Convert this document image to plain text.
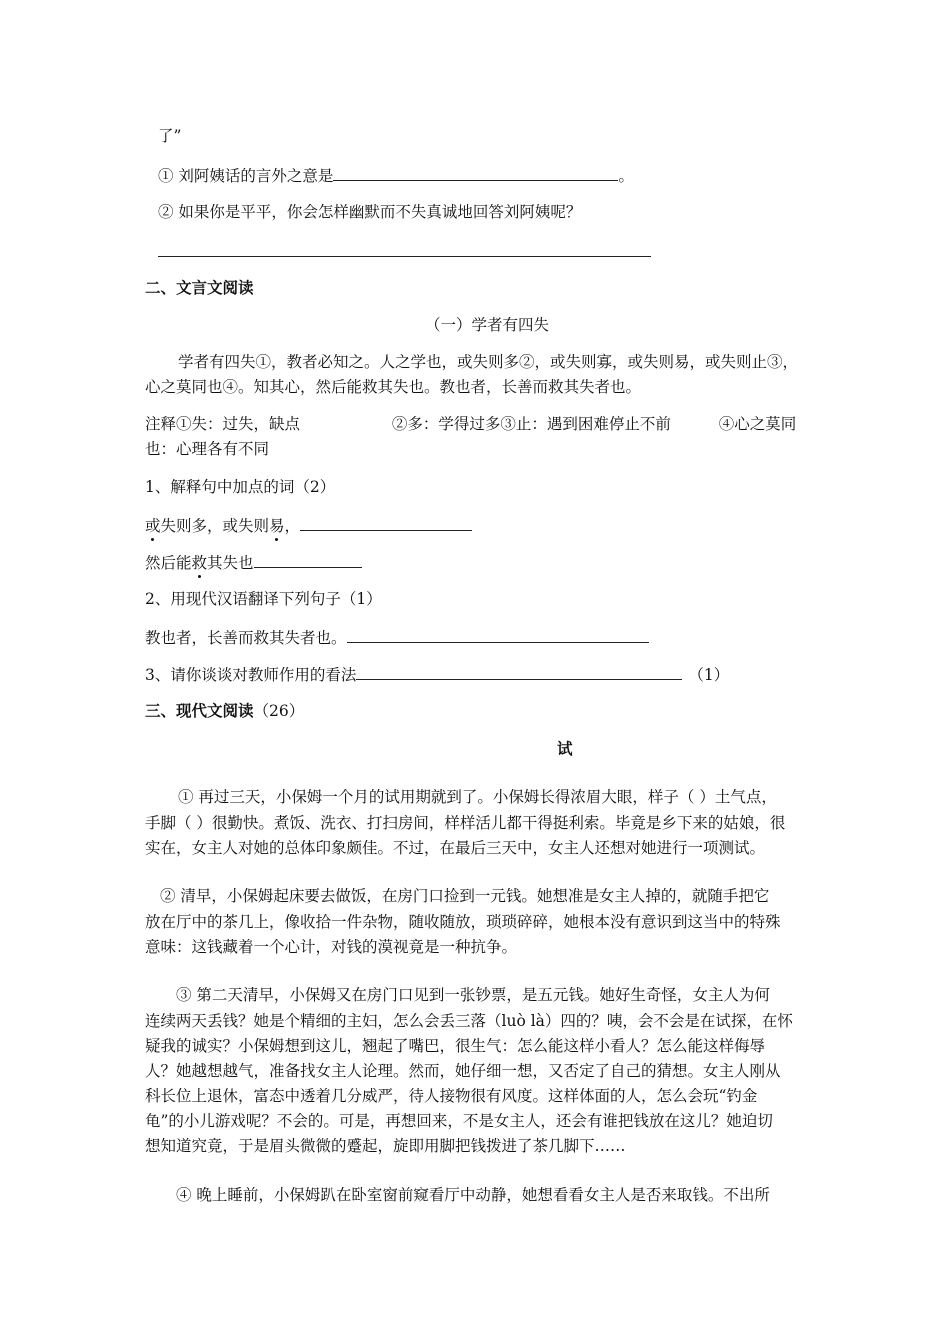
了”
① 刘阿姨话的言外之意是	。
② 如果你是平平，你会怎样幽默而不失真诚地回答刘阿姨呢？
二、文言文阅读
（一）学者有四失
学者有四失①，教者必知之。人之学也，或失则多②，或失则寡，或失则易，或失则止③，
心之莫同也④。知其心，然后能救其失也。教也者，长善而救其失者也。
注释①失：过失，缺点	②多：学得过多③止：遇到困难停止不前	④心之莫同
也：心理各有不同
1、解释句中加点的词（2）
或失则多，或失则易，
然后能救其失也
2、用现代汉语翻译下列句子（1）
教也者，长善而救其失者也。
3、请你谈谈对教师作用的看法	（1）
三、现代文阅读（26）
试
① 再过三天，小保姆一个月的试用期就到了。小保姆长得浓眉大眼，样子（ ）土气点，
手脚（ ）很勤快。煮饭、洗衣、打扫房间，样样活儿都干得挺利索。毕竟是乡下来的姑娘，很
实在，女主人对她的总体印象颇佳。不过，在最后三天中，女主人还想对她进行一项测试。
② 清早，小保姆起床要去做饭，在房门口捡到一元钱。她想准是女主人掉的，就随手把它
放在厅中的茶几上，像收拾一件杂物，随收随放，琐琐碎碎，她根本没有意识到这当中的特殊
意味：这钱藏着一个心计，对钱的漠视竟是一种抗争。
③ 第二天清早，小保姆又在房门口见到一张钞票，是五元钱。她好生奇怪，女主人为何
连续两天丢钱？她是个精细的主妇，怎么会丢三落（luò là）四的？咦，会不会是在试探，在怀
疑我的诚实？小保姆想到这儿，翘起了嘴巴，很生气：怎么能这样小看人？怎么能这样侮辱
人？她越想越气，准备找女主人论理。然而，她仔细一想，又否定了自己的猜想。女主人刚从
科长位上退休，富态中透着几分威严，待人接物很有风度。这样体面的人，怎么会玩“钓金
龟”的小儿游戏呢？不会的。可是，再想回来，不是女主人，还会有谁把钱放在这儿？她迫切
想知道究竟，于是眉头微微的蹙起，旋即用脚把钱拨进了茶几脚下……
④ 晚上睡前，小保姆趴在卧室窗前窥看厅中动静，她想看看女主人是否来取钱。不出所
